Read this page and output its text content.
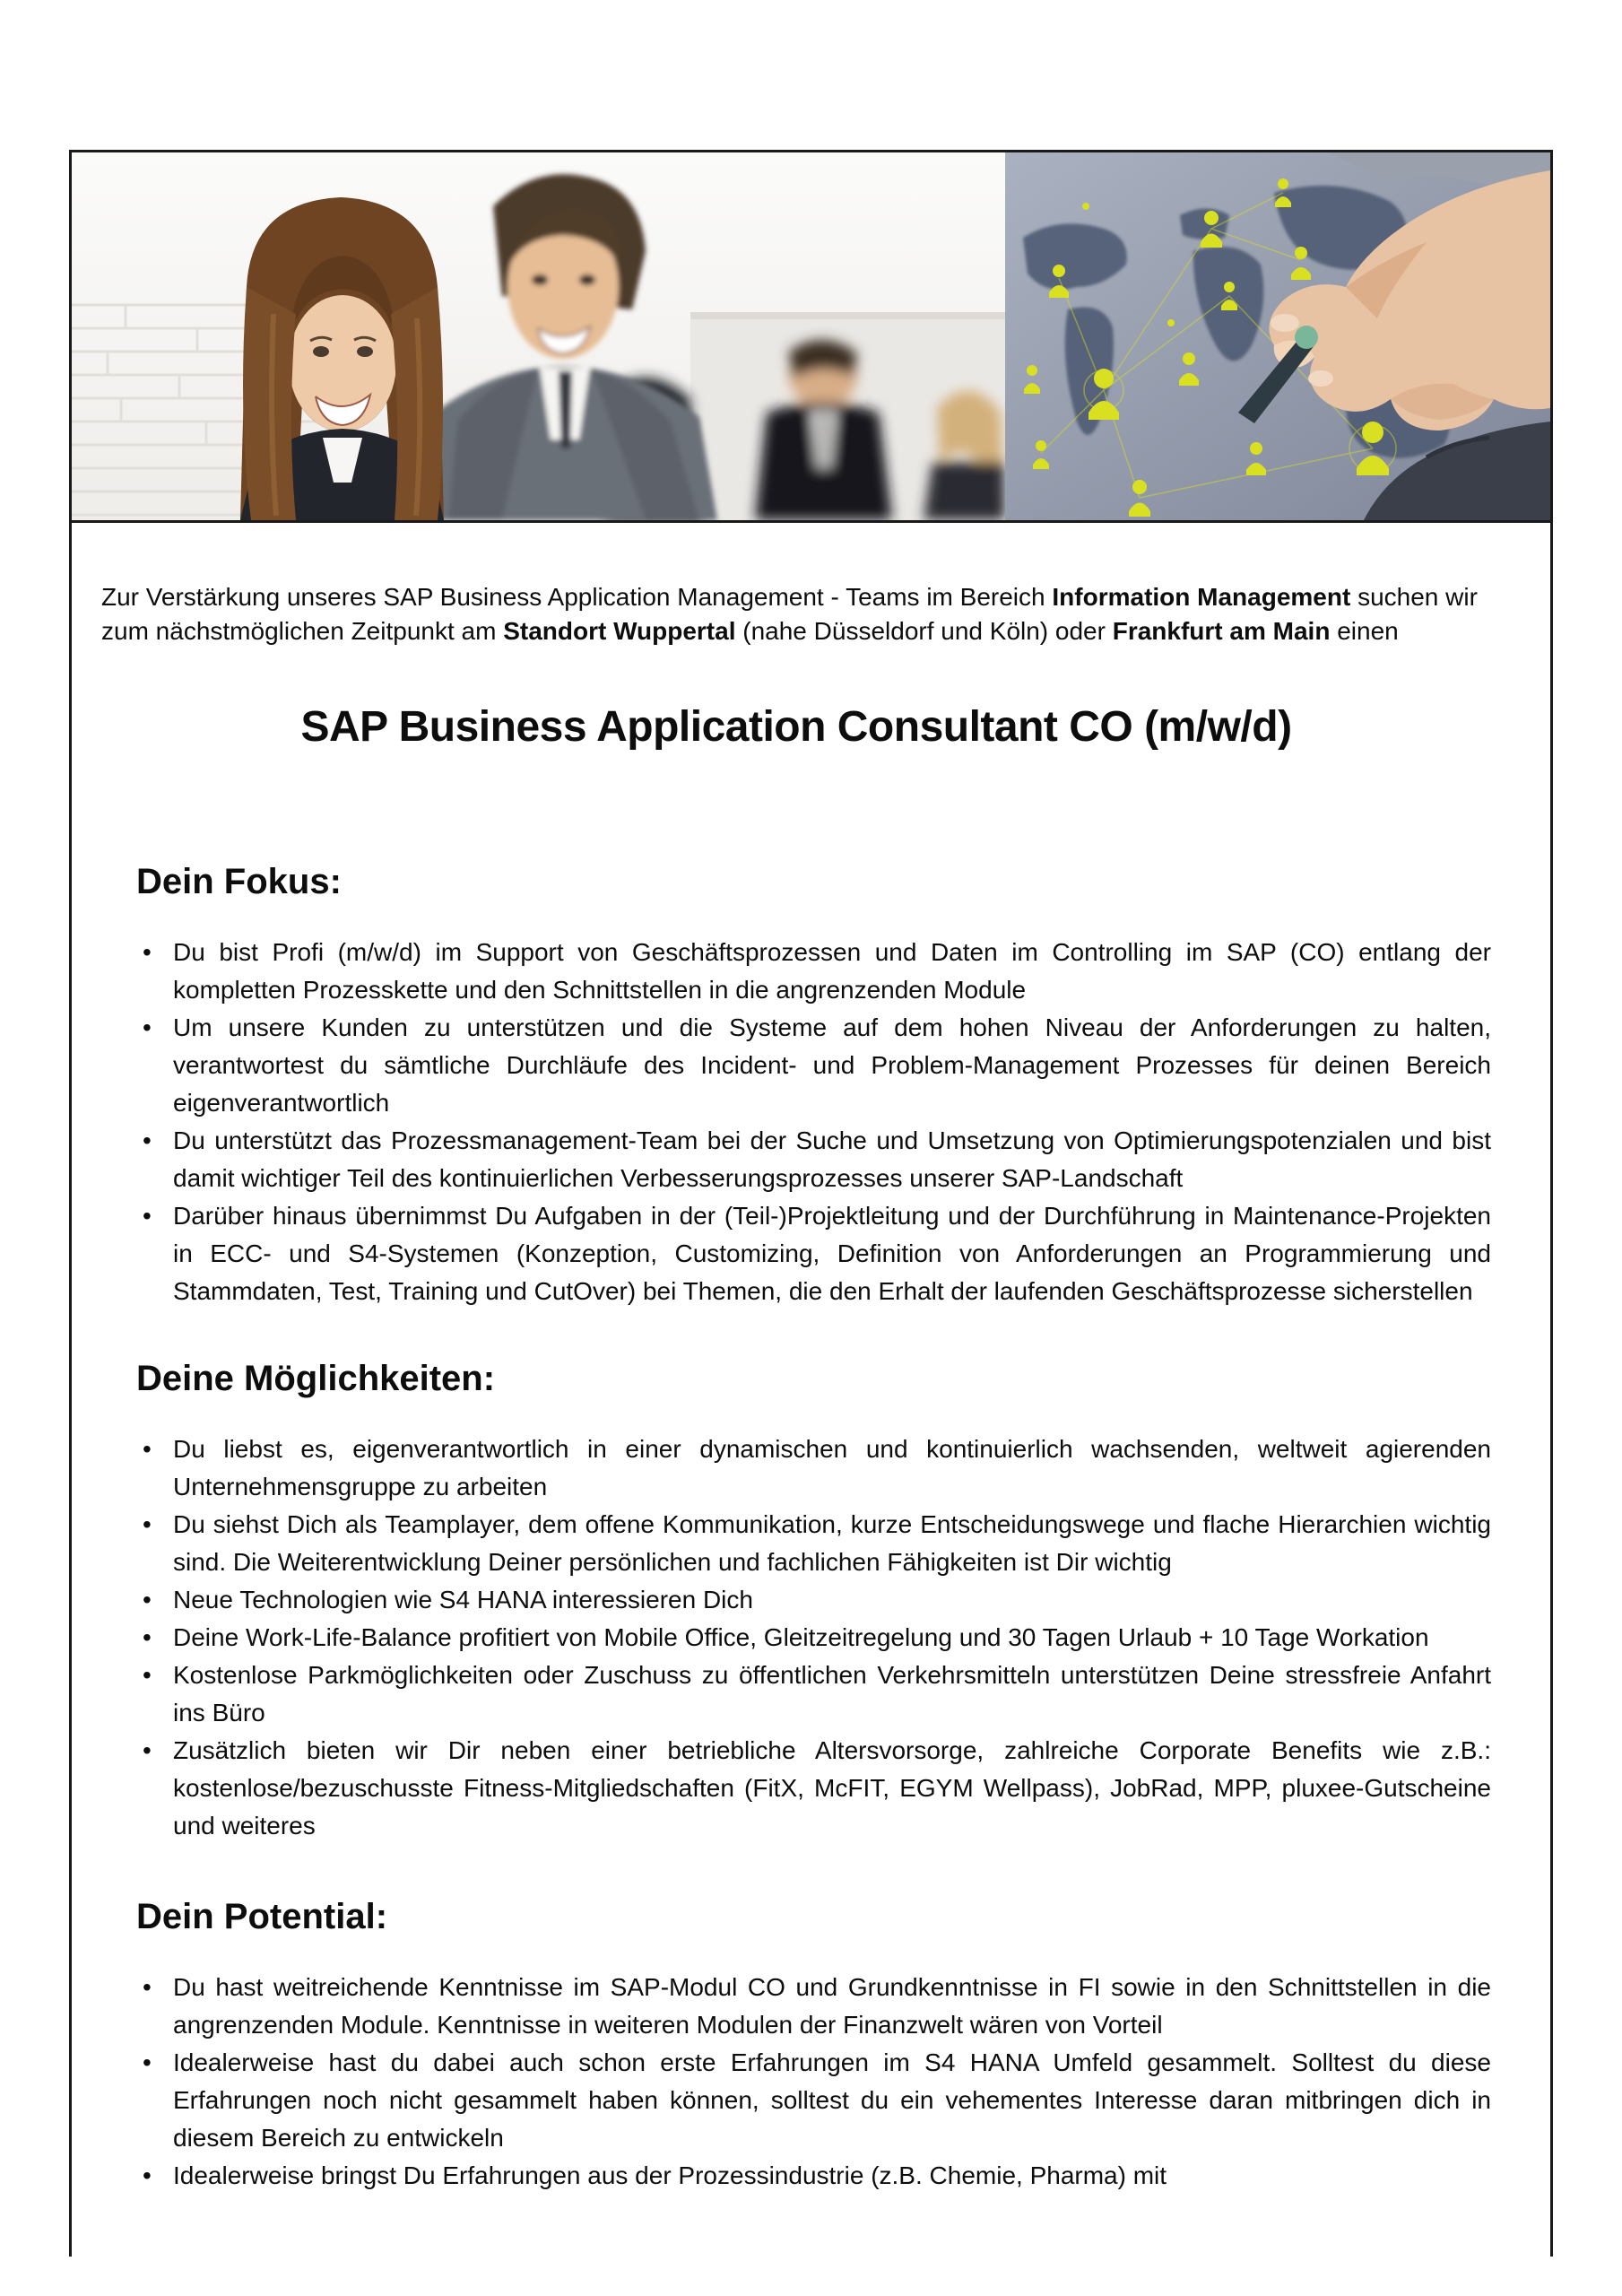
Zur Verstärkung unseres SAP Business Application Management - Teams im Bereich Information Management suchen wir zum nächstmöglichen Zeitpunkt am Standort Wuppertal (nahe Düsseldorf und Köln) oder Frankfurt am Main einen

SAP Business Application Consultant CO (m/w/d)
Dein Fokus:
• Du bist Profi (m/w/d) im Support von Geschäftsprozessen und Daten im Controlling im SAP (CO) entlang der kompletten Prozesskette und den Schnittstellen in die angrenzenden Module
• Um unsere Kunden zu unterstützen und die Systeme auf dem hohen Niveau der Anforderungen zu halten, verantwortest du sämtliche Durchläufe des Incident- und Problem-Management Prozesses für deinen Bereich eigenverantwortlich
• Du unterstützt das Prozessmanagement-Team bei der Suche und Umsetzung von Optimierungspotenzialen und bist damit wichtiger Teil des kontinuierlichen Verbesserungsprozesses unserer SAP-Landschaft
• Darüber hinaus übernimmst Du Aufgaben in der (Teil-)Projektleitung und der Durchführung in Maintenance-Projekten in ECC- und S4-Systemen (Konzeption, Customizing, Definition von Anforderungen an Programmierung und Stammdaten, Test, Training und CutOver) bei Themen, die den Erhalt der laufenden Geschäftsprozesse sicherstellen
Deine Möglichkeiten:
• Du liebst es, eigenverantwortlich in einer dynamischen und kontinuierlich wachsenden, weltweit agierenden Unternehmensgruppe zu arbeiten
• Du siehst Dich als Teamplayer, dem offene Kommunikation, kurze Entscheidungswege und flache Hierarchien wichtig sind. Die Weiterentwicklung Deiner persönlichen und fachlichen Fähigkeiten ist Dir wichtig
• Neue Technologien wie S4 HANA interessieren Dich
• Deine Work-Life-Balance profitiert von Mobile Office, Gleitzeitregelung und 30 Tagen Urlaub + 10 Tage Workation
• Kostenlose Parkmöglichkeiten oder Zuschuss zu öffentlichen Verkehrsmitteln unterstützen Deine stressfreie Anfahrt ins Büro
• Zusätzlich bieten wir Dir neben einer betriebliche Altersvorsorge, zahlreiche Corporate Benefits wie z.B.: kostenlose/bezuschusste Fitness-Mitgliedschaften (FitX, McFIT, EGYM Wellpass), JobRad, MPP, pluxee-Gutscheine und weiteres
Dein Potential:
• Du hast weitreichende Kenntnisse im SAP-Modul CO und Grundkenntnisse in FI sowie in den Schnittstellen in die angrenzenden Module. Kenntnisse in weiteren Modulen der Finanzwelt wären von Vorteil
• Idealerweise hast du dabei auch schon erste Erfahrungen im S4 HANA Umfeld gesammelt. Solltest du diese Erfahrungen noch nicht gesammelt haben können, solltest du ein vehementes Interesse daran mitbringen dich in diesem Bereich zu entwickeln
• Idealerweise bringst Du Erfahrungen aus der Prozessindustrie (z.B. Chemie, Pharma) mit
